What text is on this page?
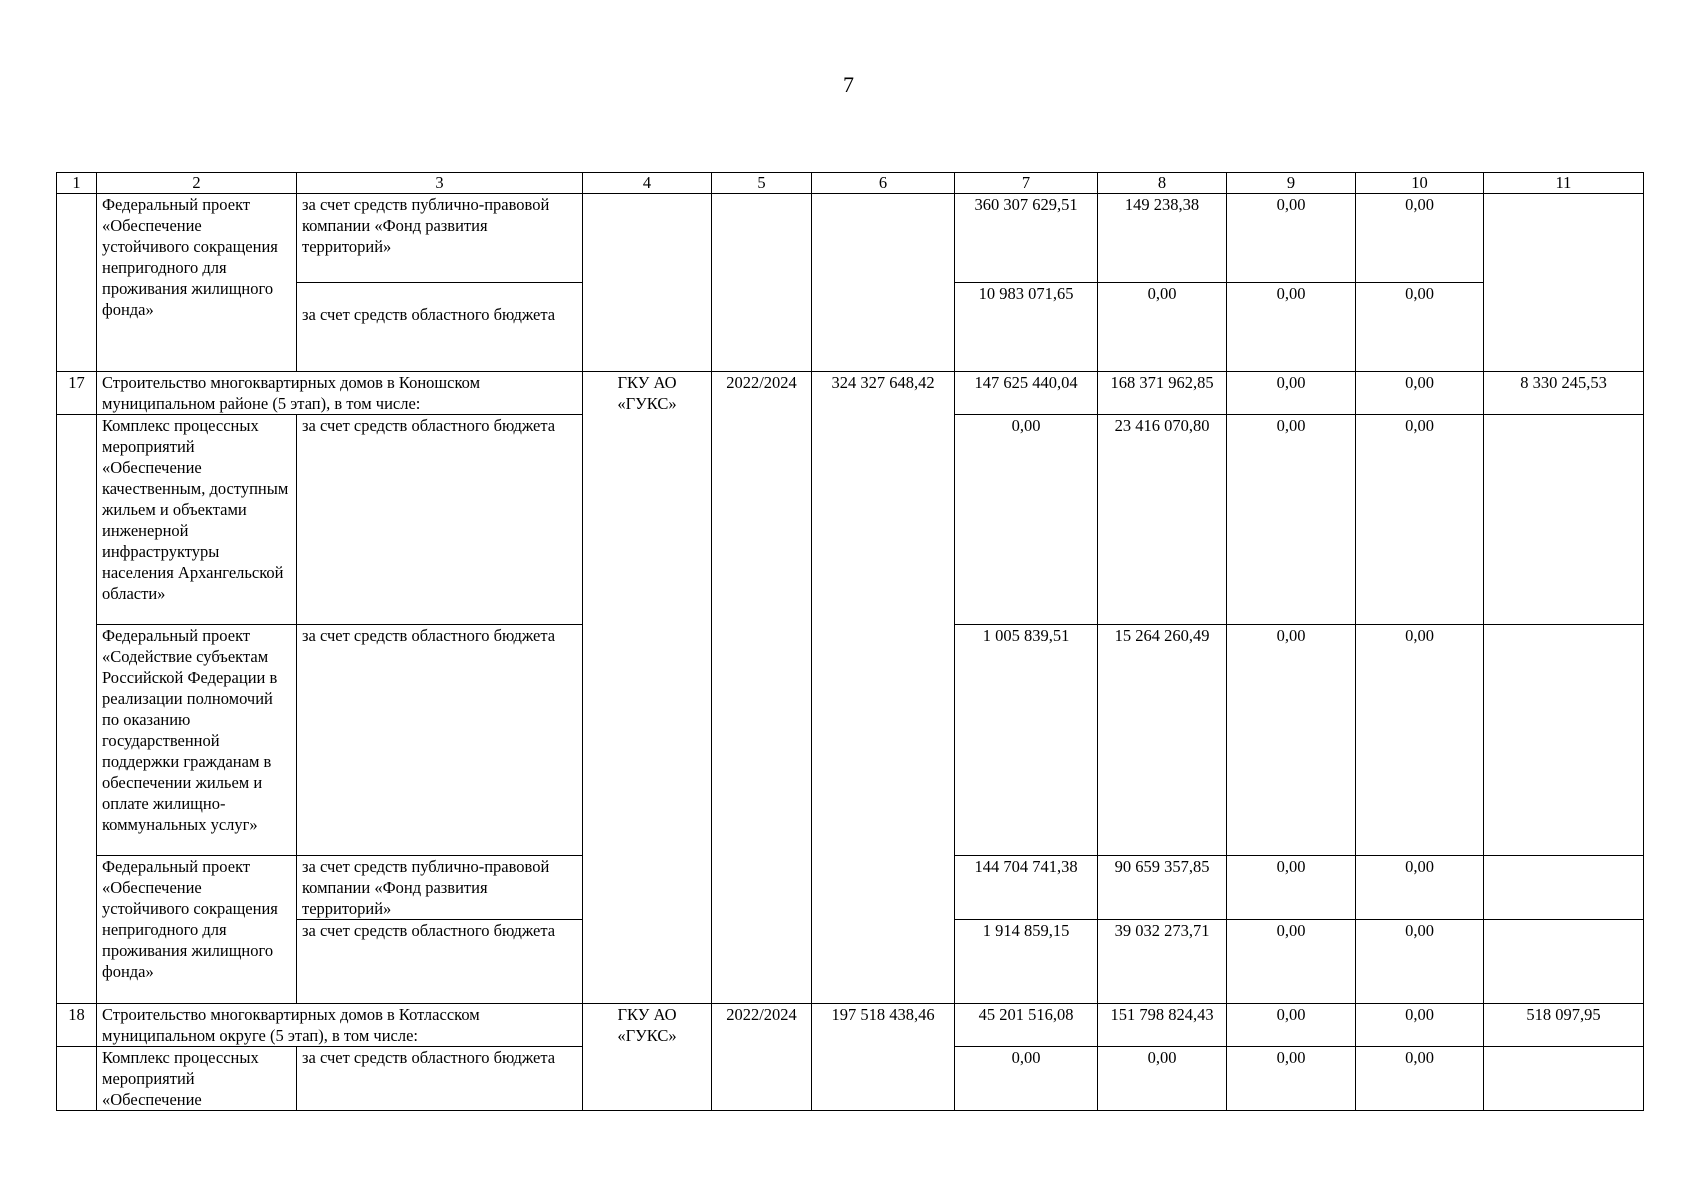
7
1	2	3	4	5	6	7	8	9	10	11
	Федеральный проект «Обеспечение устойчивого сокращения непригодного для проживания жилищного фонда»	за счет средств публично-правовой компании «Фонд развития территорий»				360 307 629,51	149 238,38	0,00	0,00	
		за счет средств областного бюджета				10 983 071,65	0,00	0,00	0,00	
17	Строительство многоквартирных домов в Коношском муниципальном районе (5 этап), в том числе:		ГКУ АО «ГУКС»	2022/2024	324 327 648,42	147 625 440,04	168 371 962,85	0,00	0,00	8 330 245,53
	Комплекс процессных мероприятий «Обеспечение качественным, доступным жильем и объектами инженерной инфраструктуры населения Архангельской области»	за счет средств областного бюджета				0,00	23 416 070,80	0,00	0,00	
	Федеральный проект «Содействие субъектам Российской Федерации в реализации полномочий по оказанию государственной поддержки гражданам в обеспечении жильем и оплате жилищно-коммунальных услуг»	за счет средств областного бюджета				1 005 839,51	15 264 260,49	0,00	0,00	
	Федеральный проект «Обеспечение устойчивого сокращения непригодного для проживания жилищного фонда»	за счет средств публично-правовой компании «Фонд развития территорий»				144 704 741,38	90 659 357,85	0,00	0,00	
		за счет средств областного бюджета				1 914 859,15	39 032 273,71	0,00	0,00	
18	Строительство многоквартирных домов в Котласском муниципальном округе (5 этап), в том числе:		ГКУ АО «ГУКС»	2022/2024	197 518 438,46	45 201 516,08	151 798 824,43	0,00	0,00	518 097,95
	Комплекс процессных мероприятий «Обеспечение	за счет средств областного бюджета				0,00	0,00	0,00	0,00	
